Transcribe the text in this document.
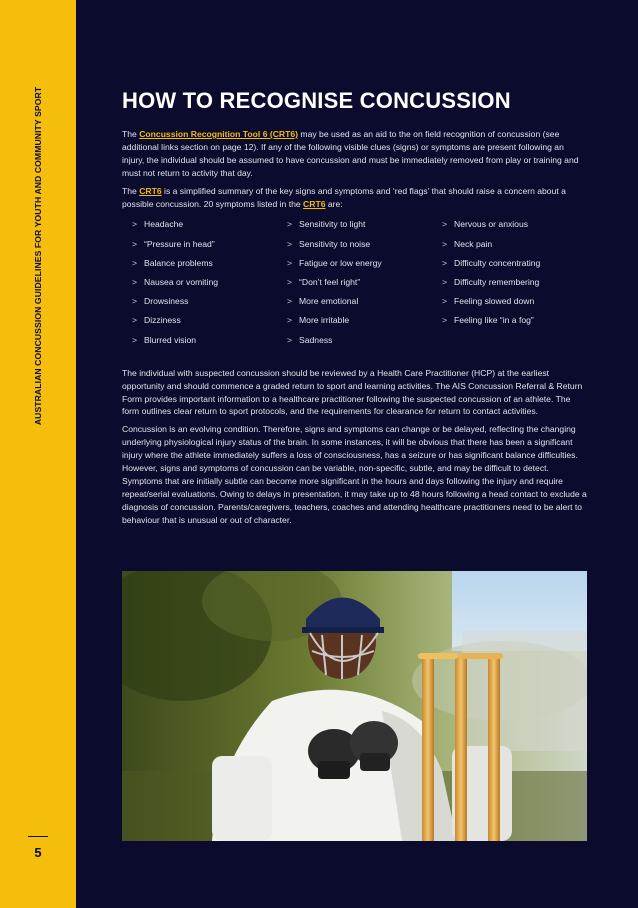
AUSTRALIAN CONCUSSION GUIDELINES FOR YOUTH AND COMMUNITY SPORT
5
HOW TO RECOGNISE CONCUSSION

The Concussion Recognition Tool 6 (CRT6) may be used as an aid to the on field recognition of concussion (see additional links section on page 12). If any of the following visible clues (signs) or symptoms are present following an injury, the individual should be assumed to have concussion and must be immediately removed from play or training and must not return to activity that day.

The CRT6 is a simplified summary of the key signs and symptoms and ‘red flags’ that should raise a concern about a possible concussion. 20 symptoms listed in the CRT6 are:

> Headache	> Sensitivity to light	> Nervous or anxious
> “Pressure in head”	> Sensitivity to noise	> Neck pain
> Balance problems	> Fatigue or low energy	> Difficulty concentrating
> Nausea or vomiting	> “Don’t feel right”	> Difficulty remembering
> Drowsiness	> More emotional	> Feeling slowed down
> Dizziness	> More irritable	> Feeling like “in a fog”
> Blurred vision	> Sadness

The individual with suspected concussion should be reviewed by a Health Care Practitioner (HCP) at the earliest opportunity and should commence a graded return to sport and learning activities. The AIS Concussion Referral & Return Form provides important information to a healthcare practitioner following the suspected concussion of an athlete. The form outlines clear return to sport protocols, and the requirements for clearance for return to contact activities.

Concussion is an evolving condition. Therefore, signs and symptoms can change or be delayed, reflecting the changing underlying physiological injury status of the brain. In some instances, it will be obvious that there has been a significant injury where the athlete immediately suffers a loss of consciousness, has a seizure or has significant balance difficulties. However, signs and symptoms of concussion can be variable, non-specific, subtle, and may be difficult to detect. Symptoms that are initially subtle can become more significant in the hours and days following the injury and require repeat/serial evaluations. Owing to delays in presentation, it may take up to 48 hours following a head contact to exclude a diagnosis of concussion. Parents/caregivers, teachers, coaches and attending healthcare practitioners need to be alert to behaviour that is unusual or out of character.
